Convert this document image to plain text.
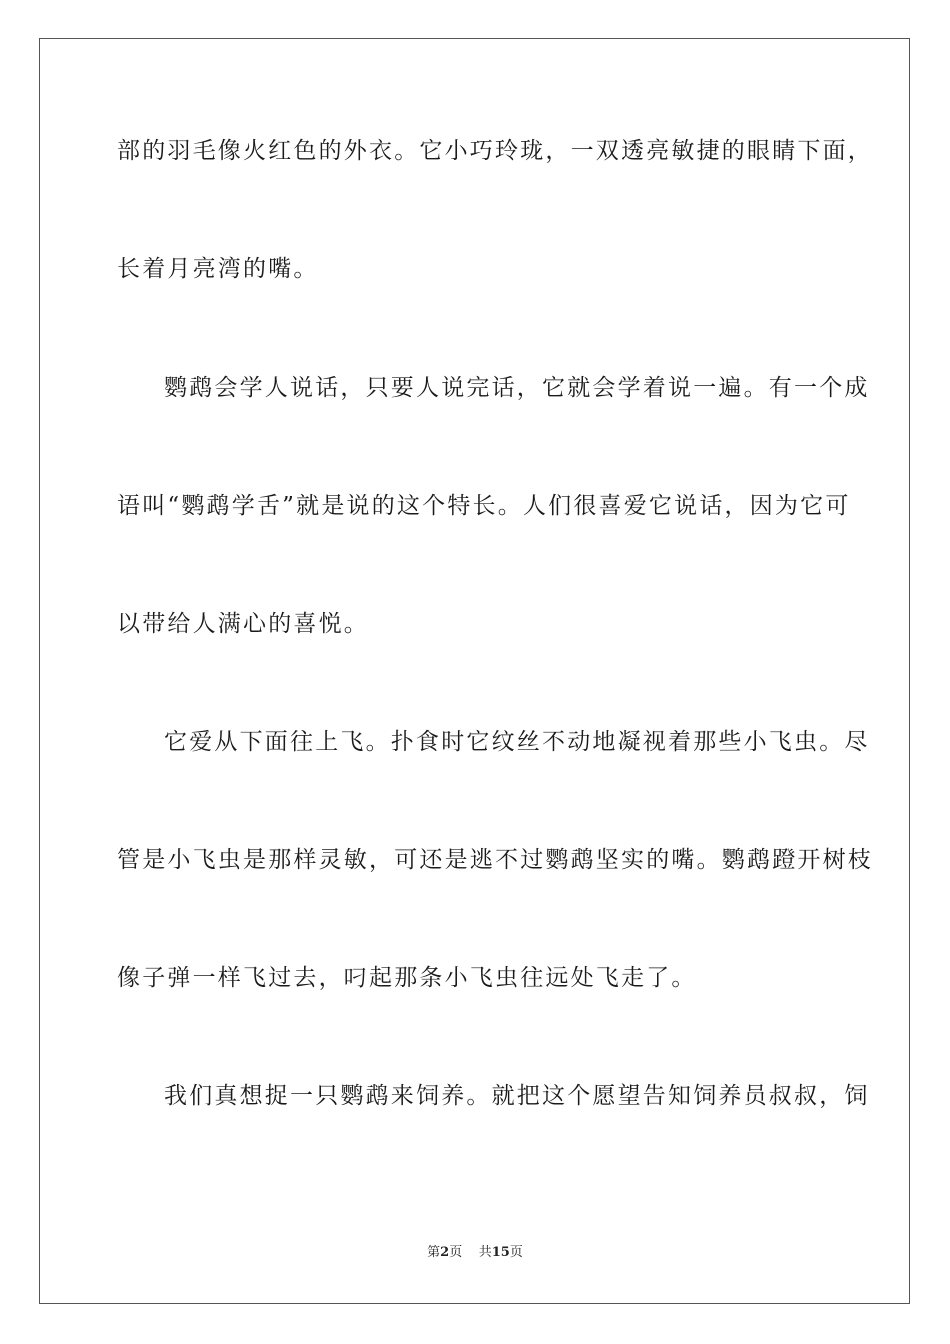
部的羽毛像火红色的外衣。它小巧玲珑，一双透亮敏捷的眼睛下面，
长着月亮湾的嘴。
鹦鹉会学人说话，只要人说完话，它就会学着说一遍。有一个成
语叫“鹦鹉学舌”就是说的这个特长。人们很喜爱它说话，因为它可
以带给人满心的喜悦。
它爱从下面往上飞。扑食时它纹丝不动地凝视着那些小飞虫。尽
管是小飞虫是那样灵敏，可还是逃不过鹦鹉坚实的嘴。鹦鹉蹬开树枝
像子弹一样飞过去，叼起那条小飞虫往远处飞走了。
我们真想捉一只鹦鹉来饲养。就把这个愿望告知饲养员叔叔，饲
第2页 共15页
